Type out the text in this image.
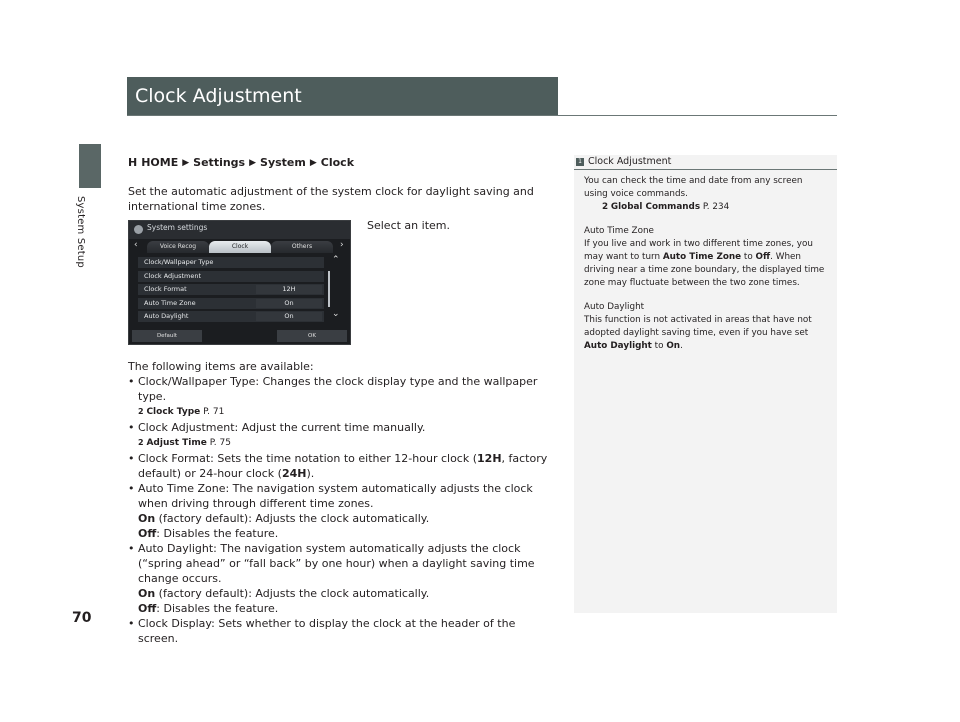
System Setup
70
Clock Adjustment
H HOME ▶ Settings ▶ System ▶ Clock
Set the automatic adjustment of the system clock for daylight saving and international time zones.
Select an item.
System settings
‹	Voice Recog	Clock	Others	›
Clock/Wallpaper Type
Clock Adjustment
Clock Format	12H
Auto Time Zone	On
Auto Daylight	On
⌃
⌄
Default	OK
The following items are available:
• Clock/Wallpaper Type: Changes the clock display type and the wallpaper type.
2 Clock Type P. 71
• Clock Adjustment: Adjust the current time manually.
2 Adjust Time P. 75
• Clock Format: Sets the time notation to either 12-hour clock (12H, factory default) or 24-hour clock (24H).
• Auto Time Zone: The navigation system automatically adjusts the clock when driving through different time zones.
On (factory default): Adjusts the clock automatically.
Off: Disables the feature.
• Auto Daylight: The navigation system automatically adjusts the clock (“spring ahead” or “fall back” by one hour) when a daylight saving time change occurs.
On (factory default): Adjusts the clock automatically.
Off: Disables the feature.
• Clock Display: Sets whether to display the clock at the header of the screen.
1 Clock Adjustment

You can check the time and date from any screen using voice commands.
2 Global Commands P. 234

Auto Time Zone
If you live and work in two different time zones, you may want to turn Auto Time Zone to Off. When driving near a time zone boundary, the displayed time zone may fluctuate between the two zone times.

Auto Daylight
This function is not activated in areas that have not adopted daylight saving time, even if you have set Auto Daylight to On.
